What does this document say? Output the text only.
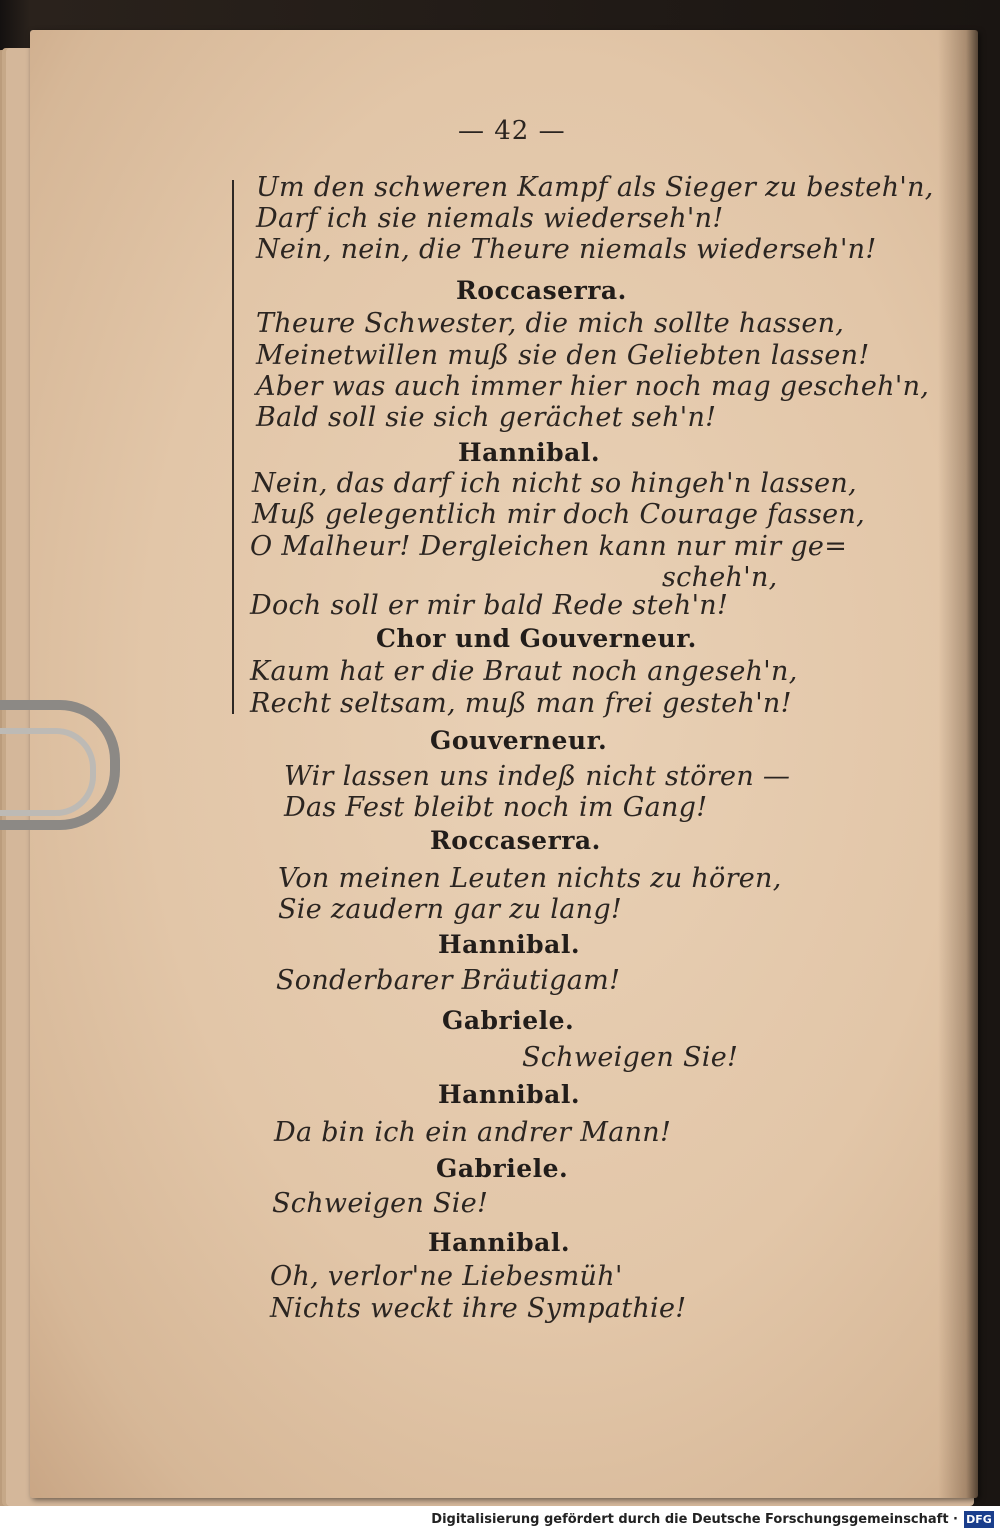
— 42 —
Um den schweren Kampf als Sieger zu besteh'n,
Darf ich sie niemals wiederseh'n!
Nein, nein, die Theure niemals wiederseh'n!
Roccaserra.
Theure Schwester, die mich sollte hassen,
Meinetwillen muß sie den Geliebten lassen!
Aber was auch immer hier noch mag gescheh'n,
Bald soll sie sich gerächet seh'n!
Hannibal.
Nein, das darf ich nicht so hingeh'n lassen,
Muß gelegentlich mir doch Courage fassen,
O Malheur! Dergleichen kann nur mir ge=
scheh'n,
Doch soll er mir bald Rede steh'n!
Chor und Gouverneur.
Kaum hat er die Braut noch angeseh'n,
Recht seltsam, muß man frei gesteh'n!
Gouverneur.
Wir lassen uns indeß nicht stören —
Das Fest bleibt noch im Gang!
Roccaserra.
Von meinen Leuten nichts zu hören,
Sie zaudern gar zu lang!
Hannibal.
Sonderbarer Bräutigam!
Gabriele.
Schweigen Sie!
Hannibal.
Da bin ich ein andrer Mann!
Gabriele.
Schweigen Sie!
Hannibal.
Oh, verlor'ne Liebesmüh'
Nichts weckt ihre Sympathie!
Digitalisierung gefördert durch die Deutsche Forschungsgemeinschaft · DFG
